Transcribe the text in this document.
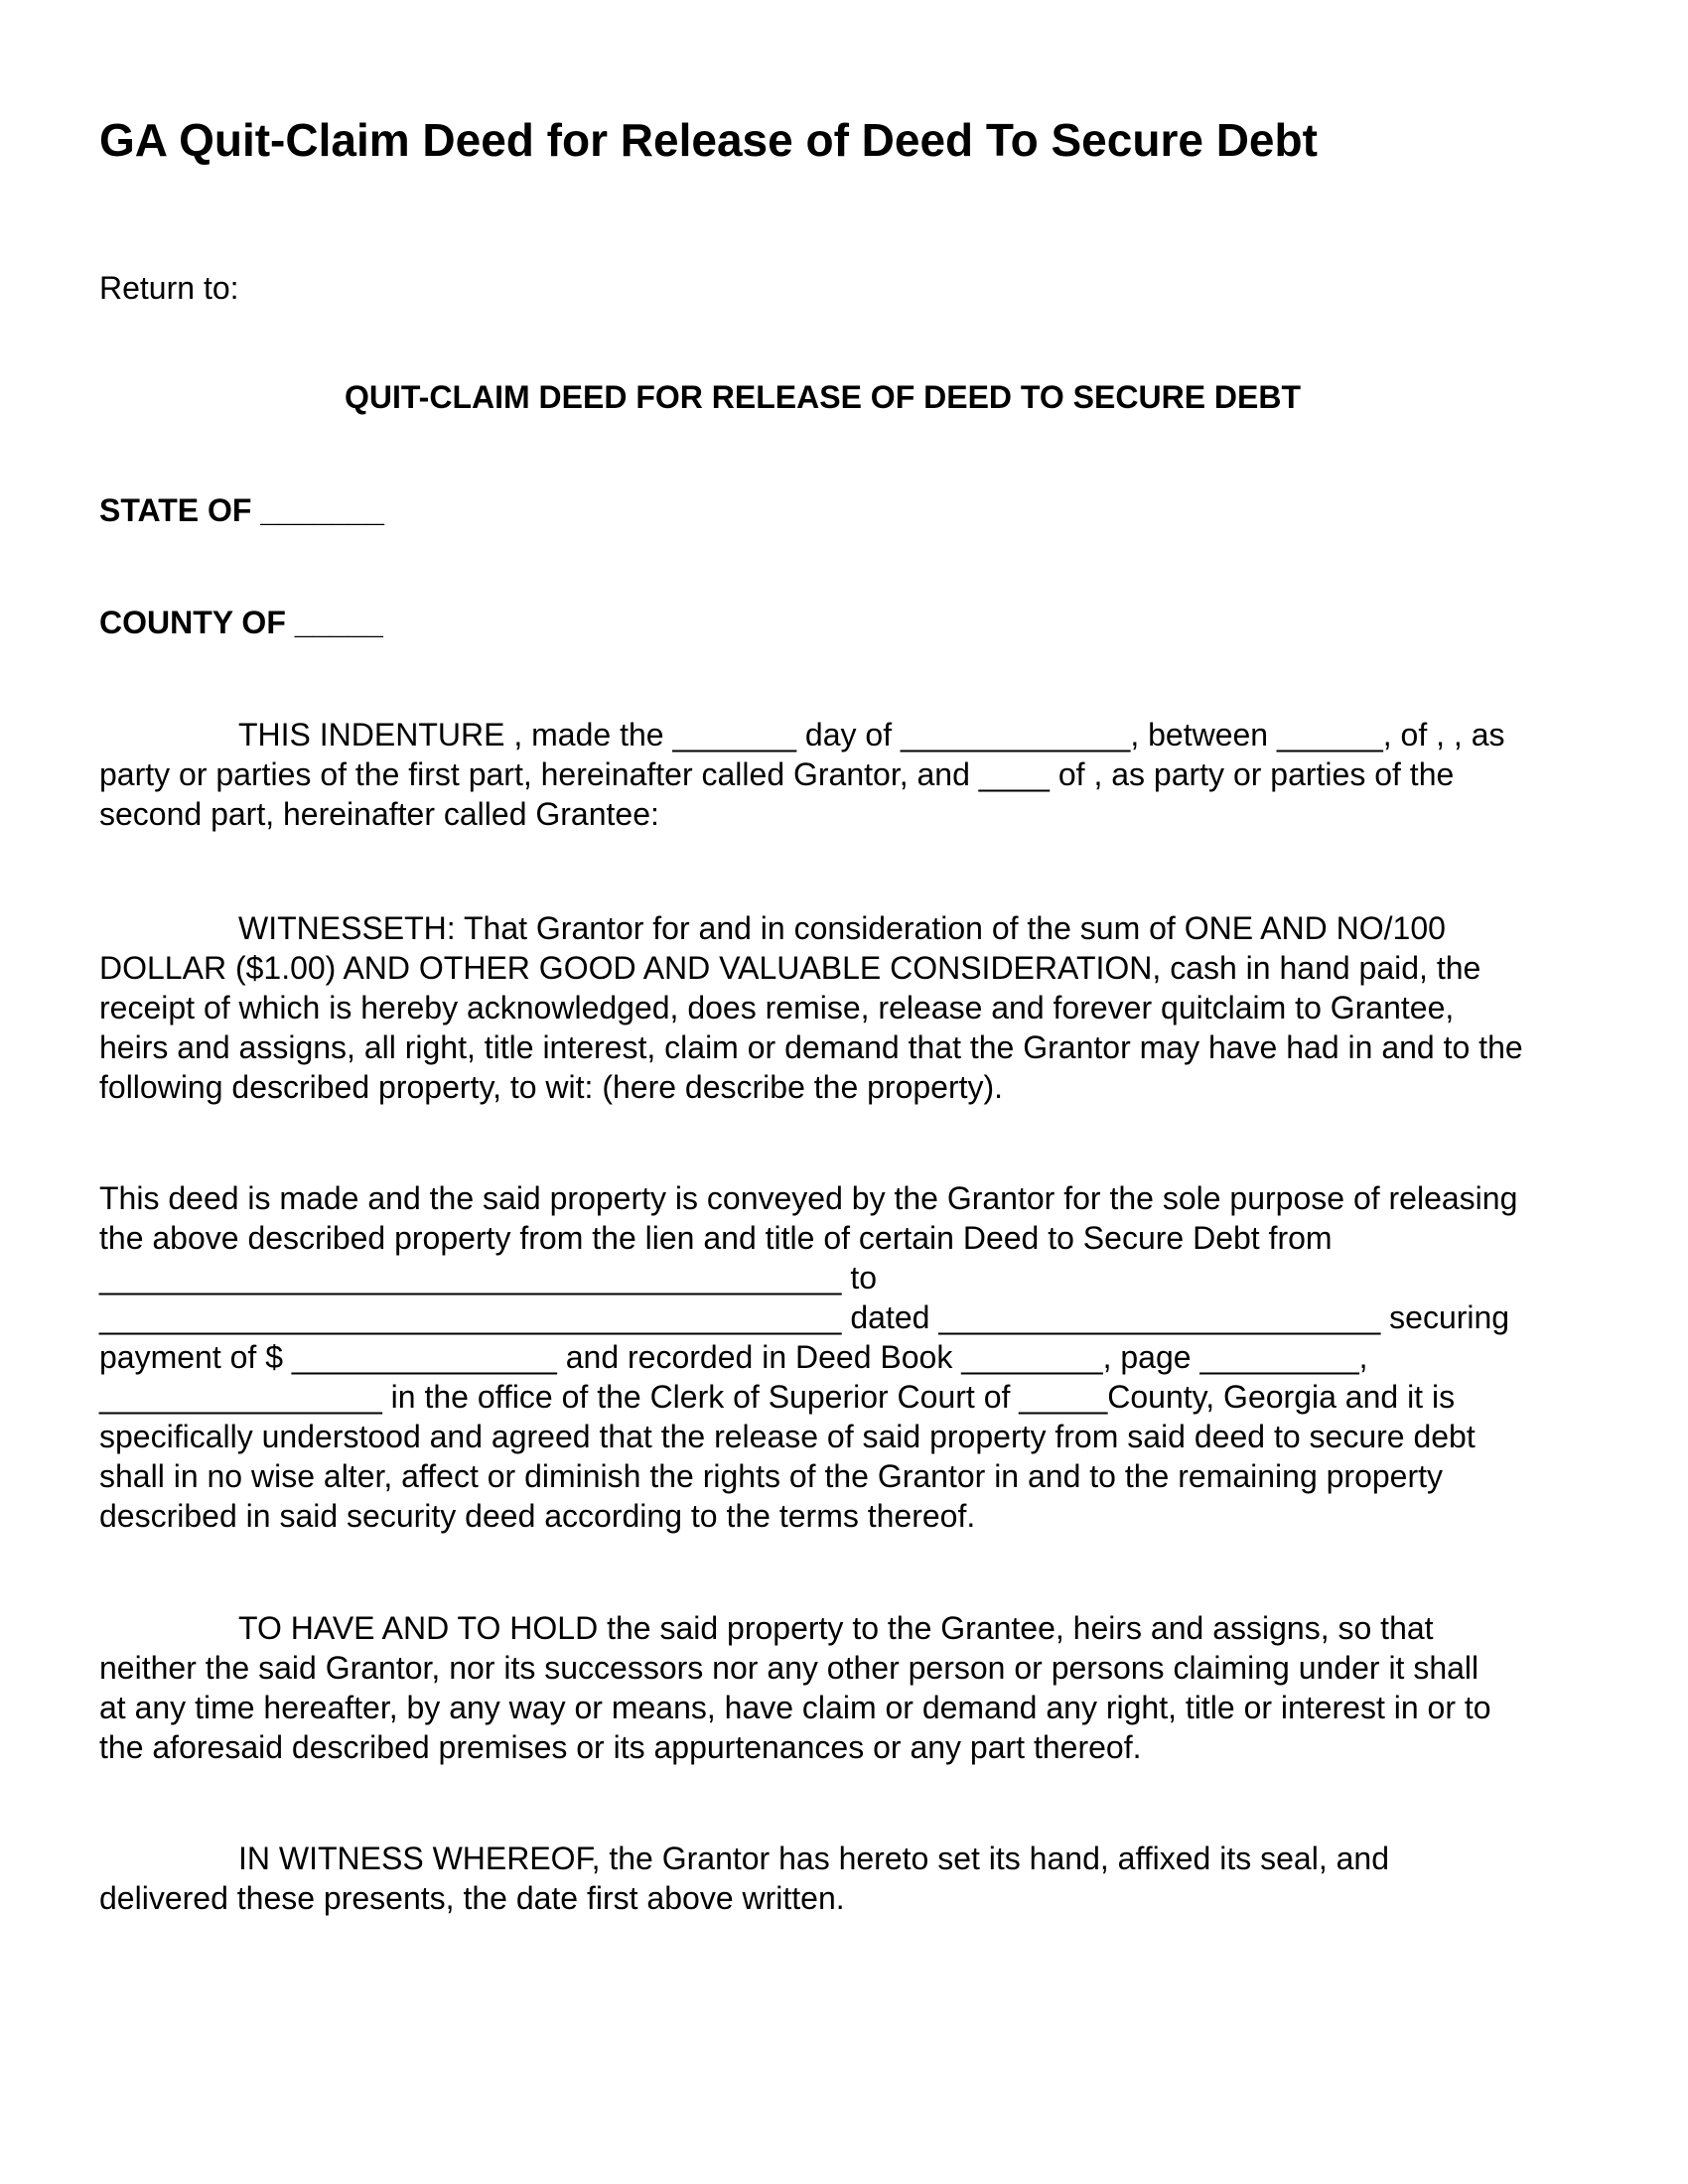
GA Quit-Claim Deed for Release of Deed To Secure Debt
Return to:
QUIT-CLAIM DEED FOR RELEASE OF DEED TO SECURE DEBT
STATE OF _______
COUNTY OF _____
THIS INDENTURE , made the _______ day of _____________, between ______, of , , as
party or parties of the first part, hereinafter called Grantor, and ____ of , as party or parties of the
second part, hereinafter called Grantee:
WITNESSETH: That Grantor for and in consideration of the sum of ONE AND NO/100
DOLLAR ($1.00) AND OTHER GOOD AND VALUABLE CONSIDERATION, cash in hand paid, the
receipt of which is hereby acknowledged, does remise, release and forever quitclaim to Grantee,
heirs and assigns, all right, title interest, claim or demand that the Grantor may have had in and to the
following described property, to wit: (here describe the property).
This deed is made and the said property is conveyed by the Grantor for the sole purpose of releasing
the above described property from the lien and title of certain Deed to Secure Debt from
__________________________________________ to
__________________________________________ dated _________________________ securing
payment of $ _______________ and recorded in Deed Book ________, page _________,
________________ in the office of the Clerk of Superior Court of _____County, Georgia and it is
specifically understood and agreed that the release of said property from said deed to secure debt
shall in no wise alter, affect or diminish the rights of the Grantor in and to the remaining property
described in said security deed according to the terms thereof.
TO HAVE AND TO HOLD the said property to the Grantee, heirs and assigns, so that
neither the said Grantor, nor its successors nor any other person or persons claiming under it shall
at any time hereafter, by any way or means, have claim or demand any right, title or interest in or to
the aforesaid described premises or its appurtenances or any part thereof.
IN WITNESS WHEREOF, the Grantor has hereto set its hand, affixed its seal, and
delivered these presents, the date first above written.
